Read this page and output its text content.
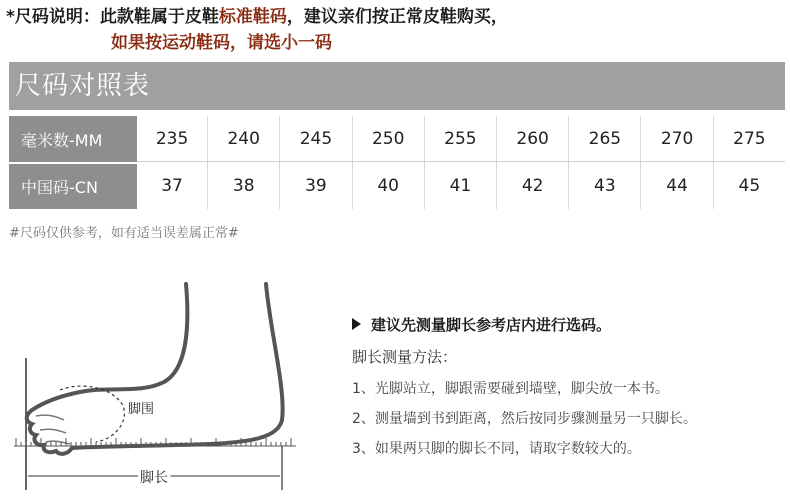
*尺码说明：此款鞋属于皮鞋标准鞋码，建议亲们按正常皮鞋购买，
如果按运动鞋码，请选小一码
尺码对照表
毫米数-MM	235	240	245	250	255	260	265	270	275
中国码-CN	37	38	39	40	41	42	43	44	45
#尺码仅供参考，如有适当误差属正常#
脚围
脚长
建议先测量脚长参考店内进行选码。
脚长测量方法：
1、光脚站立，脚跟需要碰到墙壁，脚尖放一本书。
2、测量墙到书到距离，然后按同步骤测量另一只脚长。
3、如果两只脚的脚长不同，请取字数较大的。
